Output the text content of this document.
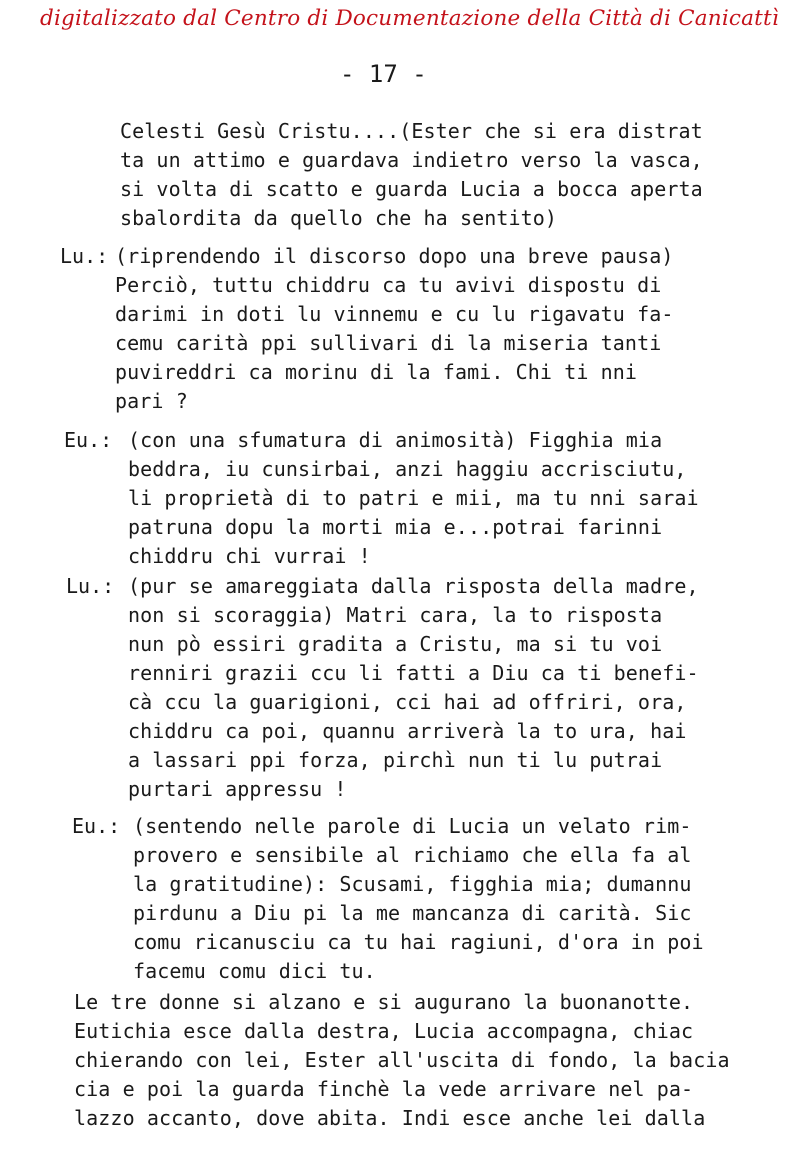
digitalizzato dal Centro di Documentazione della Città di Canicattì
- 17 -
Celesti Gesù Cristu....(Ester che si era distrat
ta un attimo e guardava indietro verso la vasca,
si volta di scatto e guarda Lucia a bocca aperta
sbalordita da quello che ha sentito)
Lu.: (riprendendo il discorso dopo una breve pausa)
Perciò, tuttu chiddru ca tu avivi dispostu di
darimi in doti lu vinnemu e cu lu rigavatu fa-
cemu carità ppi sullivari di la miseria tanti
puvireddri ca morinu di la fami. Chi ti nni
pari ?
Eu.: (con una sfumatura di animosità) Figghia mia
beddra, iu cunsirbai, anzi haggiu accrisciutu,
li proprietà di to patri e mii, ma tu nni sarai
patruna dopu la morti mia e...potrai farinni
chiddru chi vurrai !
Lu.: (pur se amareggiata dalla risposta della madre,
non si scoraggia) Matri cara, la to risposta
nun pò essiri gradita a Cristu, ma si tu voi
renniri grazii ccu li fatti a Diu ca ti benefi-
cà ccu la guarigioni, cci hai ad offriri, ora,
chiddru ca poi, quannu arriverà la to ura, hai
a lassari ppi forza, pirchì nun ti lu putrai
purtari appressu !
Eu.: (sentendo nelle parole di Lucia un velato rim-
provero e sensibile al richiamo che ella fa al
la gratitudine): Scusami, figghia mia; dumannu
pirdunu a Diu pi la me mancanza di carità. Sic
comu ricanusciu ca tu hai ragiuni, d'ora in poi
facemu comu dici tu.
Le tre donne si alzano e si augurano la buonanotte.
Eutichia esce dalla destra, Lucia accompagna, chiac
chierando con lei, Ester all'uscita di fondo, la bacia
cia e poi la guarda finchè la vede arrivare nel pa-
lazzo accanto, dove abita. Indi esce anche lei dalla
